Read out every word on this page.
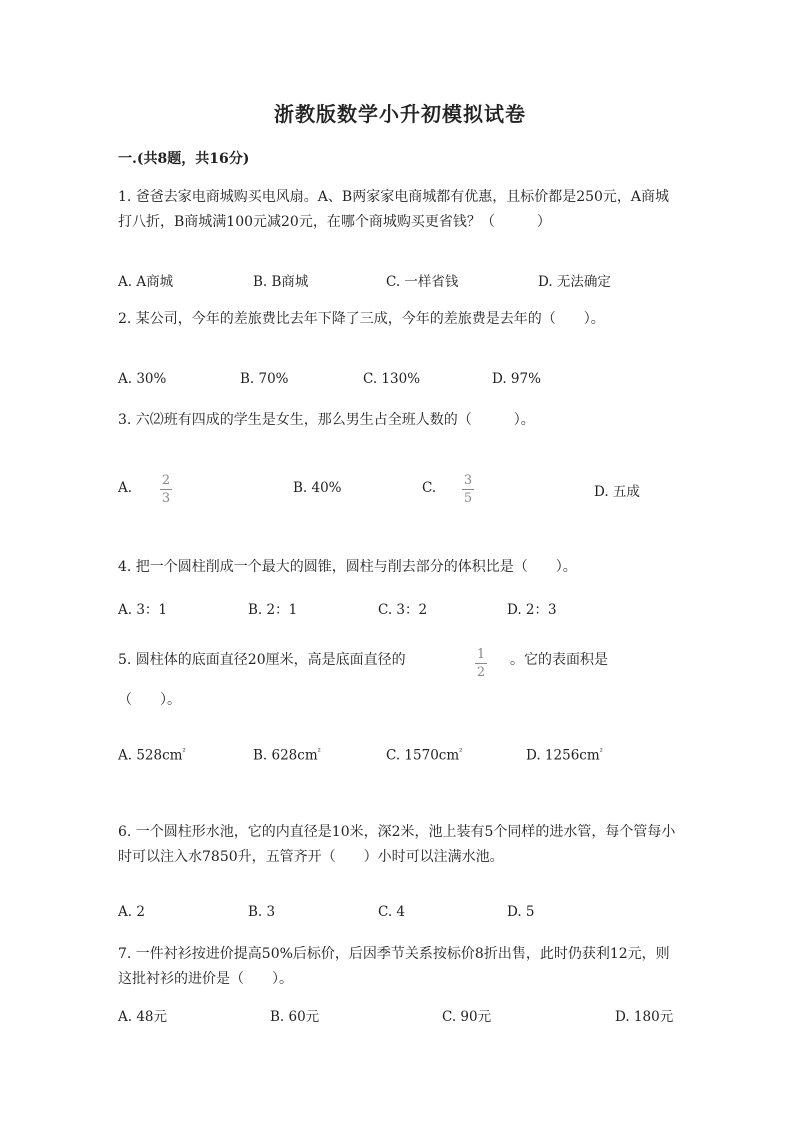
浙教版数学小升初模拟试卷
一.(共8题，共16分)
1. 爸爸去家电商城购买电风扇。A、B两家家电商城都有优惠，且标价都是250元，A商城打八折，B商城满100元减20元，在哪个商城购买更省钱？（　　　）
A. A商城	B. B商城	C. 一样省钱	D. 无法确定
2. 某公司，今年的差旅费比去年下降了三成，今年的差旅费是去年的（　　）。
A. 30%	B. 70%	C. 130%	D. 97%
3. 六⑵班有四成的学生是女生，那么男生占全班人数的（　　　）。
A. 2
3
B. 40%	C. 3
5	D. 五成
4. 把一个圆柱削成一个最大的圆锥，圆柱与削去部分的体积比是（　　）。
A. 3：1	B. 2：1	C. 3：2	D. 2：3
5. 圆柱体的底面直径20厘米，高是底面直径的	1
2
。它的表面积是
（　　）。
A. $528cm^{^2}$	B. $628cm^{^2}$	C. $1570cm^{^2}$	D. $1256cm^{^2}$
6. 一个圆柱形水池，它的内直径是10米，深2米，池上装有5个同样的进水管，每个管每小时可以注入水7850升，五管齐开（　　）小时可以注满水池。
A. 2	B. 3	C. 4	D. 5
7. 一件衬衫按进价提高50%后标价，后因季节关系按标价8折出售，此时仍获利12元，则这批衬衫的进价是（　　）。
A. 48元	B. 60元	C. 90元	D. 180元
